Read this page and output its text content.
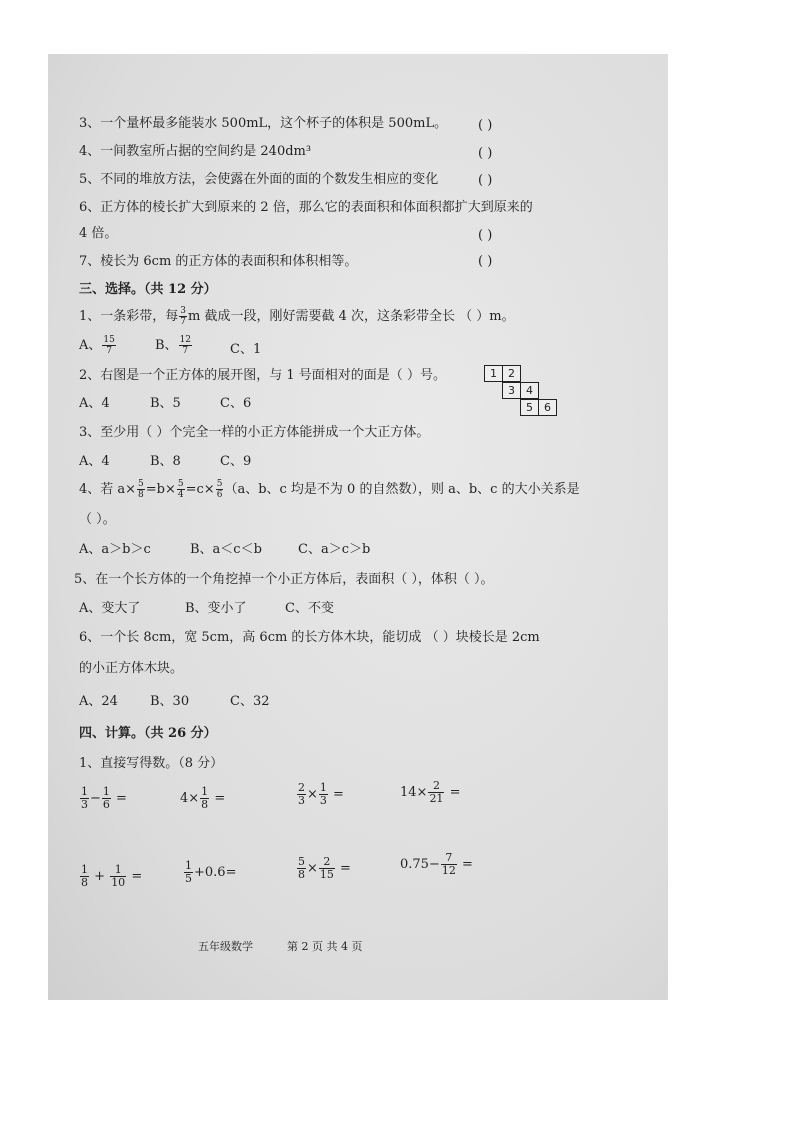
3、一个量杯最多能装水 500mL，这个杯子的体积是 500mL。 ( )
4、一间教室所占据的空间约是 240dm³	( )
5、不同的堆放方法，会使露在外面的面的个数发生相应的变化	( )
6、正方体的棱长扩大到原来的 2 倍，那么它的表面积和体面积都扩大到原来的
4 倍。	( )
7、棱长为 6cm 的正方体的表面积和体积相等。	( )
三、选择。（共 12 分）
1、一条彩带，每 $\frac{3}{7}$ m 截成一段，刚好需要截 4 次，这条彩带全长 （ ）m。
A、 $\frac{15}{7}$	B、 $\frac{12}{7}$	C、1
2、右图是一个正方体的展开图，与 1 号面相对的面是（ ）号。	1	2
3	4
5	6
A、4	B、5	C、6
3、至少用（ ）个完全一样的小正方体能拼成一个大正方体。
A、4	B、8	C、9
4、若 $a\times \frac{5}{8} =b\times \frac{5}{4} =c\times \frac{5}{6} (a$、b、c 均是不为 0 的自然数），则 a、b、c 的大小关系是
（ ）。
A、a＞b＞c	B、a＜c＜b	C、a＞c＞b
5、在一个长方体的一个角挖掉一个小正方体后，表面积（ ），体积（ ）。
A、变大了	B、变小了	C、不变
6、一个长 8cm，宽 5cm，高 6cm 的长方体木块，能切成 （ ）块棱长是 2cm
的小正方体木块。
A、24 B、30	C、32
四、计算。（共 26 分）
1、直接写得数。（8 分）
$\frac{1}{3} - \frac{1}{6}$ =	$4\times \frac{1}{8}$ =	$\frac{2}{3} \times \frac{1}{3}$ =	$14\times \frac{2}{21}$ =
$\frac{1}{8} + \frac{1}{10}$ =	$\frac{1}{5} +0.6=$	$\frac{5}{8} \times \frac{2}{15}$ =	$0.75- \frac{7}{12}$ =
五年级数学	第 2 页 共 4 页
